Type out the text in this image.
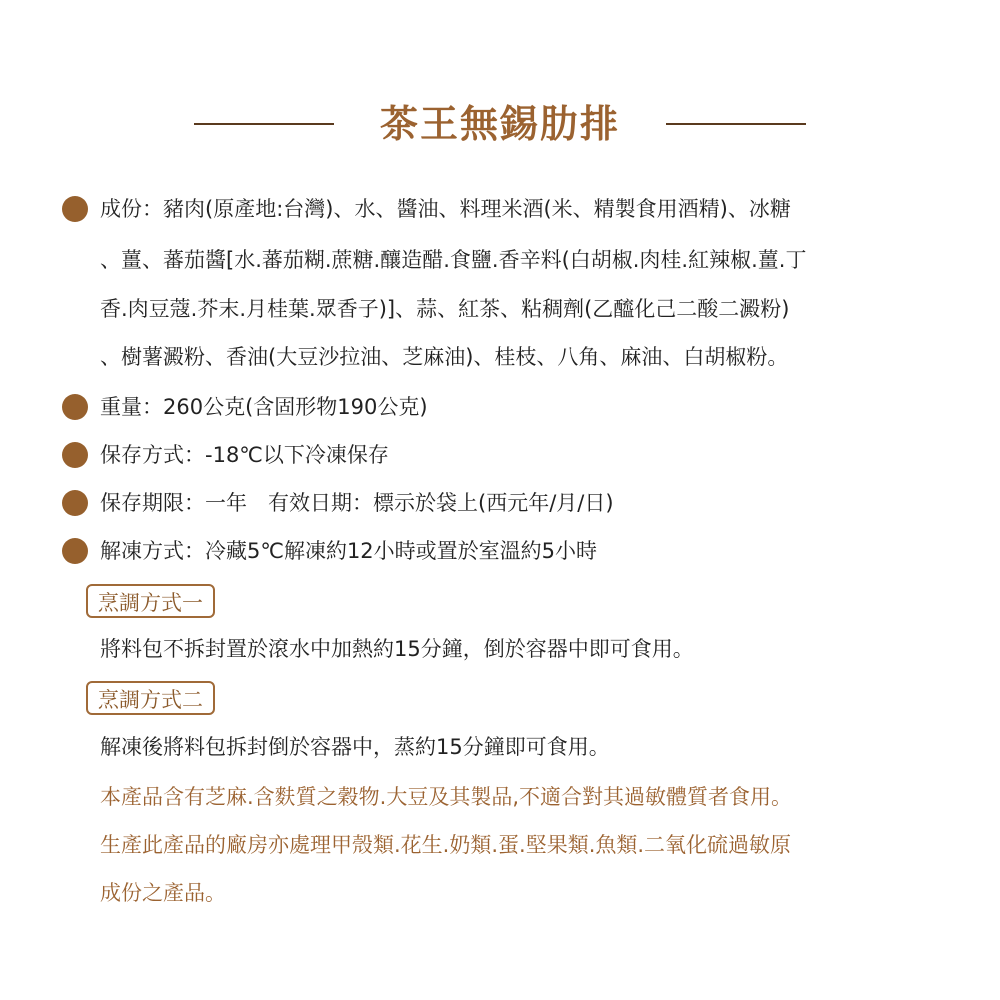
茶王無錫肋排
成份：豬肉(原產地:台灣)、水、醬油、料理米酒(米、精製食用酒精)、冰糖
、薑、蕃茄醬[水.蕃茄糊.蔗糖.釀造醋.食鹽.香辛料(白胡椒.肉桂.紅辣椒.薑.丁
香.肉豆蔻.芥末.月桂葉.眾香子)]、蒜、紅茶、粘稠劑(乙醯化己二酸二澱粉)
、樹薯澱粉、香油(大豆沙拉油、芝麻油)、桂枝、八角、麻油、白胡椒粉。
重量：260公克(含固形物190公克)
保存方式：-18℃以下冷凍保存
保存期限：一年　有效日期：標示於袋上(西元年/月/日)
解凍方式：冷藏5℃解凍約12小時或置於室溫約5小時
烹調方式一
將料包不拆封置於滾水中加熱約15分鐘，倒於容器中即可食用。
烹調方式二
解凍後將料包拆封倒於容器中，蒸約15分鐘即可食用。
本產品含有芝麻.含麩質之穀物.大豆及其製品,不適合對其過敏體質者食用。
生產此產品的廠房亦處理甲殼類.花生.奶類.蛋.堅果類.魚類.二氧化硫過敏原
成份之產品。
